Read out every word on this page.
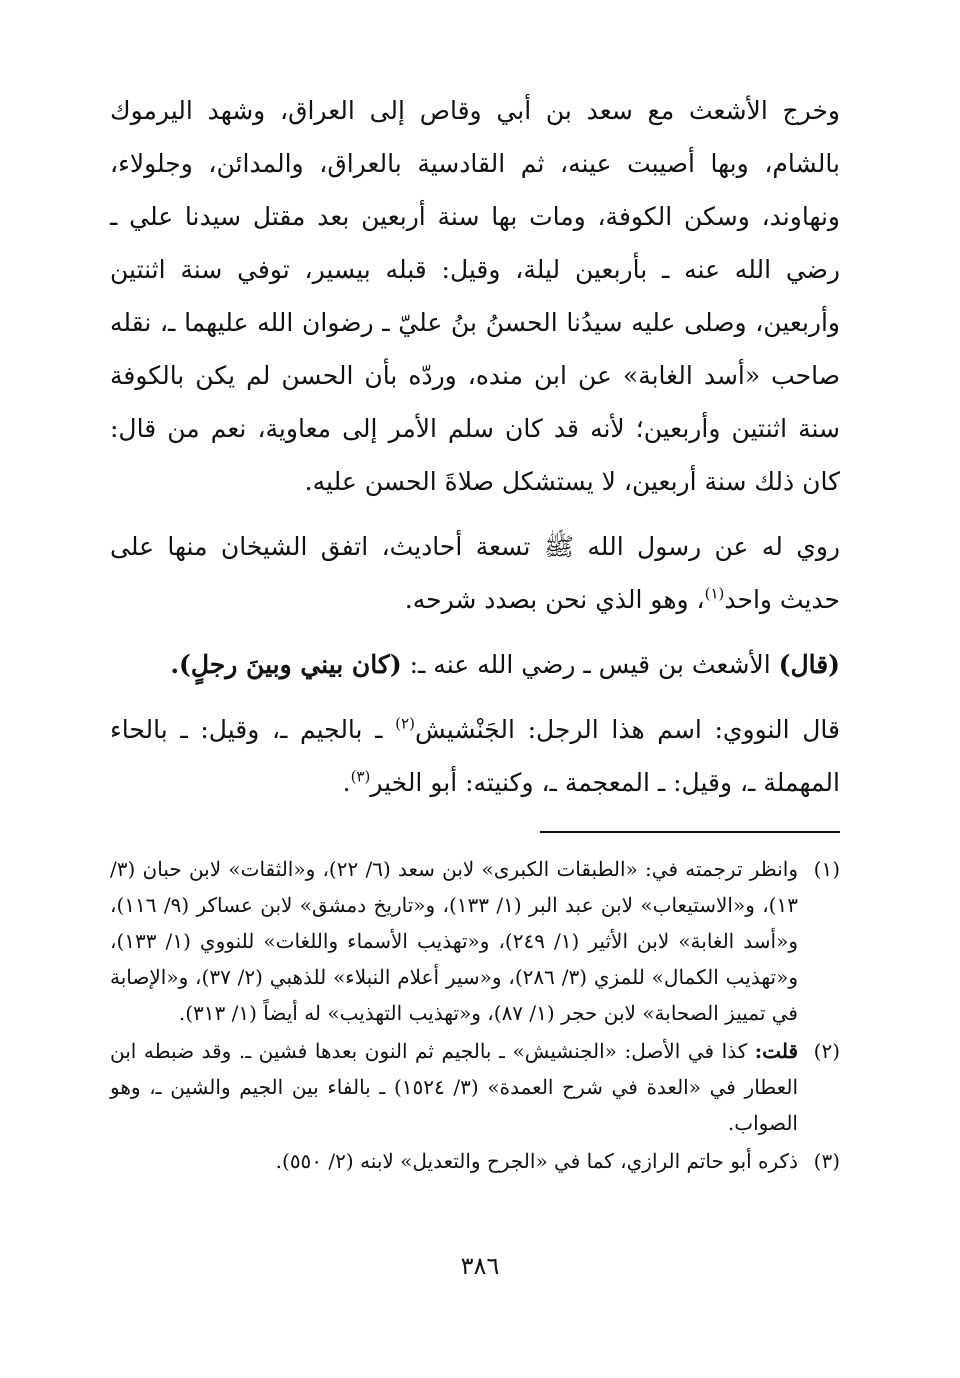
وخرج الأشعث مع سعد بن أبي وقاص إلى العراق، وشهد اليرموك بالشام، وبها أصيبت عينه، ثم القادسية بالعراق، والمدائن، وجلولاء، ونهاوند، وسكن الكوفة، ومات بها سنة أربعين بعد مقتل سيدنا علي ـ رضي الله عنه ـ بأربعين ليلة، وقيل: قبله بيسير، توفي سنة اثنتين وأربعين، وصلى عليه سيدُنا الحسنُ بنُ عليّ ـ رضوان الله عليهما ـ، نقله صاحب «أسد الغابة» عن ابن منده، وردّه بأن الحسن لم يكن بالكوفة سنة اثنتين وأربعين؛ لأنه قد كان سلم الأمر إلى معاوية، نعم من قال: كان ذلك سنة أربعين، لا يستشكل صلاةَ الحسن عليه.

روي له عن رسول الله ﷺ تسعة أحاديث، اتفق الشيخان منها على حديث واحد$^{(١)}$، وهو الذي نحن بصدد شرحه.

(قال) الأشعث بن قيس ـ رضي الله عنه ـ: (كان بيني وبينَ رجلٍ).

قال النووي: اسم هذا الرجل: الجَنْشيش$^{(٢)}$ ـ بالجيم ـ، وقيل: ـ بالحاء المهملة ـ، وقيل: ـ المعجمة ـ، وكنيته: أبو الخير$^{(٣)}$.

(١)
وانظر ترجمته في: «الطبقات الكبرى» لابن سعد (٦/ ٢٢)، و«الثقات» لابن حبان (٣/ ١٣)، و«الاستيعاب» لابن عبد البر (١/ ١٣٣)، و«تاريخ دمشق» لابن عساكر (٩/ ١١٦)، و«أسد الغابة» لابن الأثير (١/ ٢٤٩)، و«تهذيب الأسماء واللغات» للنووي (١/ ١٣٣)، و«تهذيب الكمال» للمزي (٣/ ٢٨٦)، و«سير أعلام النبلاء» للذهبي (٢/ ٣٧)، و«الإصابة في تمييز الصحابة» لابن حجر (١/ ٨٧)، و«تهذيب التهذيب» له أيضاً (١/ ٣١٣).
(٢)
قلت: كذا في الأصل: «الجنشيش» ـ بالجيم ثم النون بعدها فشين ـ. وقد ضبطه ابن العطار في «العدة في شرح العمدة» (٣/ ١٥٢٤) ـ بالفاء بين الجيم والشين ـ، وهو الصواب.
(٣)
ذكره أبو حاتم الرازي، كما في «الجرح والتعديل» لابنه (٢/ ٥٥٠).
٣٨٦
